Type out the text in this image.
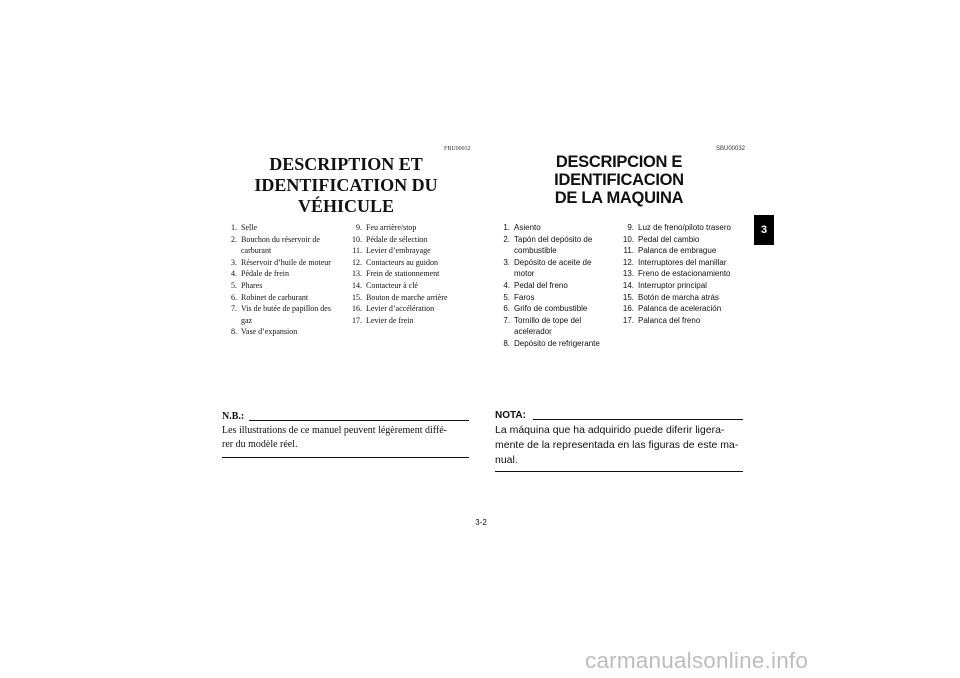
FBU00032
DESCRIPTION ET
IDENTIFICATION DU VÉHICULE
1. Selle
2. Bouchon du réservoir de carburant
3. Réservoir d’huile de moteur
4. Pédale de frein
5. Phares
6. Robinet de carburant
7. Vis de butée de papillon des gaz
8. Vase d’expansion
9. Feu arrière/stop
10. Pédale de sélection
11. Levier d’embrayage
12. Contacteurs au guidon
13. Frein de stationnement
14. Contacteur à clé
15. Bouton de marche arrière
16. Levier d’accélération
17. Levier de frein
N.B.:
Les illustrations de ce manuel peuvent légèrement diffé-
rer du modèle réel.
SBU00032
DESCRIPCION E IDENTIFICACION
DE LA MAQUINA
1. Asiento
2. Tapón del depósito de combustible
3. Depósito de aceite de motor
4. Pedal del freno
5. Faros
6. Grifo de combustible
7. Tornillo de tope del acelerador
8. Depósito de refrigerante
9. Luz de freno/piloto trasero
10. Pedal del cambio
11. Palanca de embrague
12. Interruptores del manillar
13. Freno de estacionamiento
14. Interruptor principal
15. Botón de marcha atrás
16. Palanca de aceleración
17. Palanca del freno
NOTA:
La máquina que ha adquirido puede diferir ligera-
mente de la representada en las figuras de este ma-
nual.
3
3-2
carmanualsonline.info
